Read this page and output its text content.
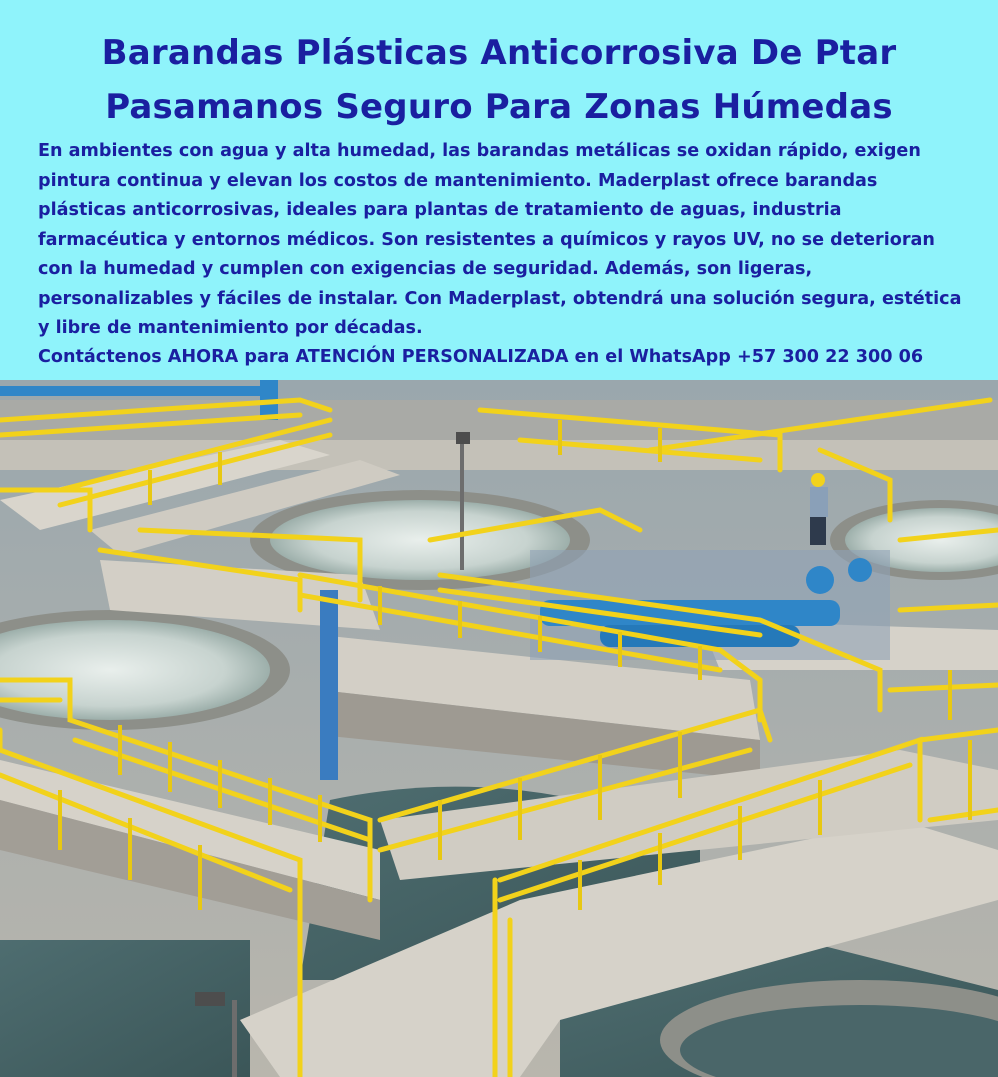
Barandas Plásticas Anticorrosiva De Ptar
Pasamanos Seguro Para Zonas Húmedas
En ambientes con agua y alta humedad, las barandas metálicas se oxidan rápido, exigen pintura continua y elevan los costos de mantenimiento. Maderplast ofrece barandas plásticas anticorrosivas, ideales para plantas de tratamiento de aguas, industria farmacéutica y entornos médicos. Son resistentes a químicos y rayos UV, no se deterioran con la humedad y cumplen con exigencias de seguridad. Además, son ligeras, personalizables y fáciles de instalar. Con Maderplast, obtendrá una solución segura, estética y libre de mantenimiento por décadas.
Contáctenos AHORA para ATENCIÓN PERSONALIZADA en el WhatsApp +57 300 22 300 06
